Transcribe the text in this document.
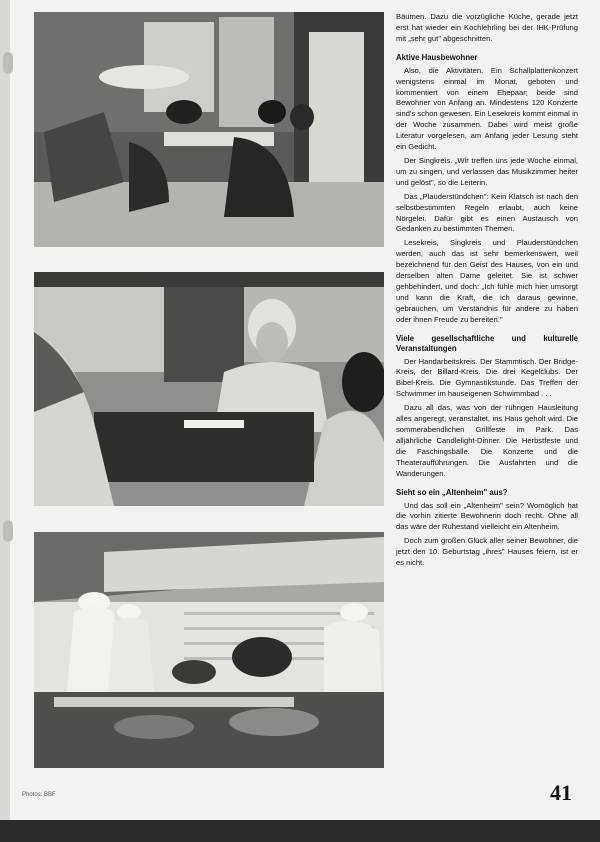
Bäumen. Dazu die vorzügliche Küche, gerade jetzt erst hat wieder ein Kochlehrling bei der IHK-Prüfung mit „sehr gut" abgeschnitten.

Aktive Hausbewohner

Also, die Aktivitäten. Ein Schallplattenkonzert wenigstens einmal im Monat, geboten und kommentiert von einem Ehepaar; beide sind Bewohner von Anfang an. Mindestens 120 Konzerte sind's schon gewesen. Ein Lesekreis kommt einmal in der Woche zusammen. Dabei wird meist große Literatur vorgelesen, am Anfang jeder Lesung steht ein Gedicht.

Der Singkreis. „Wir treffen uns jede Woche einmal, um zu singen, und verlassen das Musikzimmer heiter und gelöst", so die Leiterin.

Das „Plauderstündchen": Kein Klatsch ist nach den selbstbestimmten Regeln erlaubt, auch keine Nörgelei. Dafür gibt es einen Austausch von Gedanken zu bestimmten Themen.

Lesekreis, Singkreis und Plauderstündchen werden, auch das ist sehr bemerkenswert, weil bezeichnend für den Geist des Hauses, von ein und derselben alten Dame geleitet. Sie ist schwer gehbehindert, und doch: „Ich fühle mich hier umsorgt und kann die Kraft, die ich daraus gewinne, gebrauchen, um Verständnis für andere zu haben oder ihnen Freude zu bereiten."

Viele gesellschaftliche und kulturelle Veranstaltungen

Der Handarbeitskreis. Der Stammtisch. Der Bridge-Kreis, der Billard-Kreis. Die drei Kegelclubs. Der Bibel-Kreis. Die Gymnastikstunde. Das Treffen der Schwimmer im hauseigenen Schwimmbad . . .

Dazu all das, was von der rührigen Hausleitung alles angeregt, veranstaltet, ins Haus geholt wird. Die sommerabendlichen Grillfeste im Park. Das alljährliche Candlelight-Dinner. Die Herbstfeste und die Faschingsbälle. Die Konzerte und die Theateraufführungen. Die Ausfahrten und die Wanderungen.

Sieht so ein „Altenheim" aus?

Und das soll ein „Altenheim" sein? Womöglich hat die vorhin zitierte Bewohnerin doch recht. Ohne all das wäre der Ruhestand vielleicht ein Altenheim.

Doch zum großen Glück aller seiner Bewohner, die jetzt den 10. Geburtstag „ihres" Hauses feiern, ist er es nicht.

Photos: BBF	41
